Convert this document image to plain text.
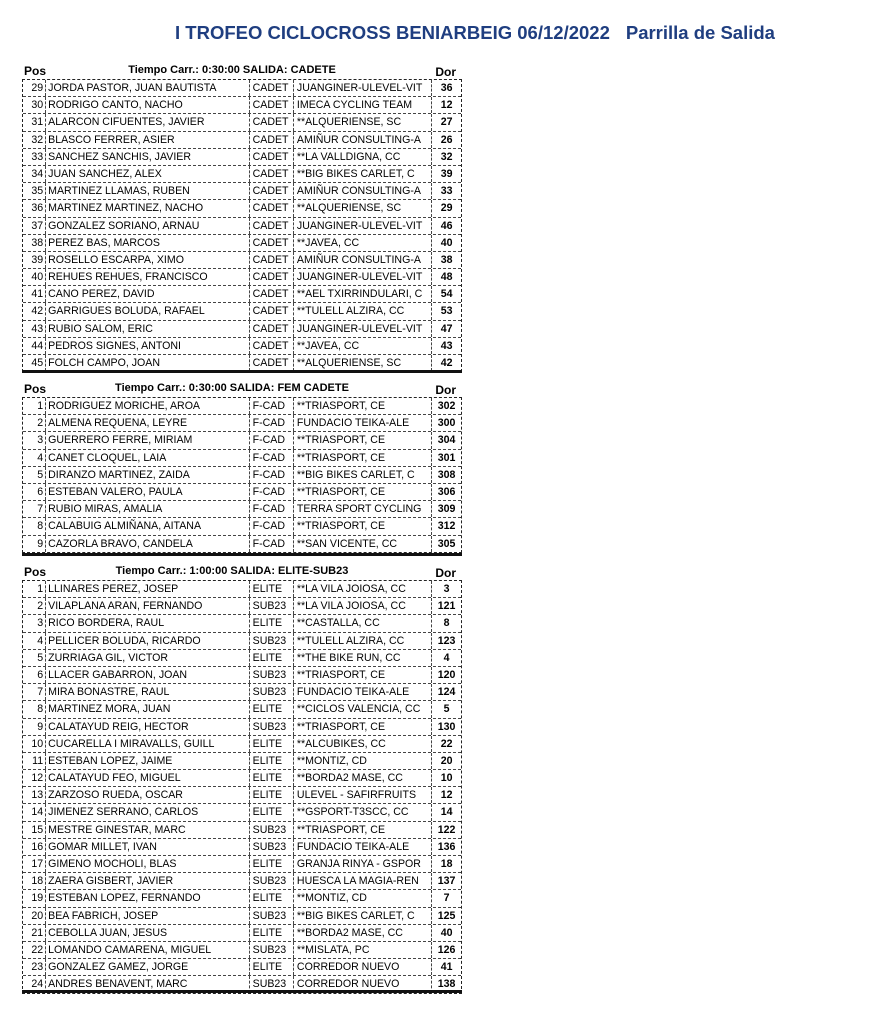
I TROFEO CICLOCROSS BENIARBEIG 06/12/2022 Parrilla de Salida
Pos	Tiempo Carr.: 0:30:00 SALIDA: CADETE	Dor
29 JORDA PASTOR, JUAN BAUTISTA	CADET JUANGINER-ULEVEL-VIT	36
30 RODRIGO CANTO, NACHO	CADET IMECA CYCLING TEAM	12
31 ALARCON CIFUENTES, JAVIER	CADET **ALQUERIENSE, SC	27
32 BLASCO FERRER, ASIER	CADET AMIÑUR CONSULTING-A	26
33 SANCHEZ SANCHIS, JAVIER	CADET **LA VALLDIGNA, CC	32
34 JUAN SANCHEZ, ALEX	CADET **BIG BIKES CARLET, C	39
35 MARTINEZ LLAMAS, RUBEN	CADET AMIÑUR CONSULTING-A	33
36 MARTINEZ MARTINEZ, NACHO	CADET **ALQUERIENSE, SC	29
37 GONZALEZ SORIANO, ARNAU	CADET JUANGINER-ULEVEL-VIT	46
38 PEREZ BAS, MARCOS	CADET **JAVEA, CC	40
39 ROSELLO ESCARPA, XIMO	CADET AMIÑUR CONSULTING-A	38
40 REHUES REHUES, FRANCISCO	CADET JUANGINER-ULEVEL-VIT	48
41 CANO PEREZ, DAVID	CADET **AEL TXIRRINDULARI, C	54
42 GARRIGUES BOLUDA, RAFAEL	CADET **TULELL ALZIRA, CC	53
43 RUBIO SALOM, ERIC	CADET JUANGINER-ULEVEL-VIT	47
44 PEDROS SIGNES, ANTONI	CADET **JAVEA, CC	43
45 FOLCH CAMPO, JOAN	CADET **ALQUERIENSE, SC	42
Pos	Tiempo Carr.: 0:30:00 SALIDA: FEM CADETE	Dor
1 RODRIGUEZ MORICHE, AROA	F-CAD	**TRIASPORT, CE	302
2 ALMENA REQUENA, LEYRE	F-CAD	FUNDACIO TEIKA-ALE	300
3 GUERRERO FERRE, MIRIAM	F-CAD	**TRIASPORT, CE	304
4 CANET CLOQUEL, LAIA	F-CAD	**TRIASPORT, CE	301
5 DIRANZO MARTINEZ, ZAIDA	F-CAD	**BIG BIKES CARLET, C	308
6 ESTEBAN VALERO, PAULA	F-CAD	**TRIASPORT, CE	306
7 RUBIO MIRAS, AMALIA	F-CAD	TERRA SPORT CYCLING	309
8 CALABUIG ALMIÑANA, AITANA	F-CAD	**TRIASPORT, CE	312
9 CAZORLA BRAVO, CANDELA	F-CAD	**SAN VICENTE, CC	305
Pos	Tiempo Carr.: 1:00:00 SALIDA: ELITE-SUB23	Dor
1 LLINARES PEREZ, JOSEP	ELITE	**LA VILA JOIOSA, CC	3
2 VILAPLANA ARAN, FERNANDO	SUB23	**LA VILA JOIOSA, CC	121
3 RICO BORDERA, RAUL	ELITE	**CASTALLA, CC	8
4 PELLICER BOLUDA, RICARDO	SUB23	**TULELL ALZIRA, CC	123
5 ZURRIAGA GIL, VICTOR	ELITE	**THE BIKE RUN, CC	4
6 LLACER GABARRON, JOAN	SUB23	**TRIASPORT, CE	120
7 MIRA BONASTRE, RAUL	SUB23	FUNDACIO TEIKA-ALE	124
8 MARTINEZ MORA, JUAN	ELITE	**CICLOS VALENCIA, CC	5
9 CALATAYUD REIG, HECTOR	SUB23	**TRIASPORT, CE	130
10 CUCARELLA I MIRAVALLS, GUILL	ELITE	**ALCUBIKES, CC	22
11 ESTEBAN LOPEZ, JAIME	ELITE	**MONTIZ, CD	20
12 CALATAYUD FEO, MIGUEL	ELITE	**BORDA2 MASE, CC	10
13 ZARZOSO RUEDA, OSCAR	ELITE	ULEVEL - SAFIRFRUITS	12
14 JIMENEZ SERRANO, CARLOS	ELITE	**GSPORT-T3SCC, CC	14
15 MESTRE GINESTAR, MARC	SUB23	**TRIASPORT, CE	122
16 GOMAR MILLET, IVAN	SUB23	FUNDACIO TEIKA-ALE	136
17 GIMENO MOCHOLI, BLAS	ELITE	GRANJA RINYA - GSPOR	18
18 ZAERA GISBERT, JAVIER	SUB23	HUESCA LA MAGIA-REN	137
19 ESTEBAN LOPEZ, FERNANDO	ELITE	**MONTIZ, CD	7
20 BEA FABRICH, JOSEP	SUB23	**BIG BIKES CARLET, C	125
21 CEBOLLA JUAN, JESUS	ELITE	**BORDA2 MASE, CC	40
22 LOMANDO CAMARENA, MIGUEL	SUB23	**MISLATA, PC	126
23 GONZALEZ GAMEZ, JORGE	ELITE	CORREDOR NUEVO	41
24 ANDRES BENAVENT, MARC	SUB23	CORREDOR NUEVO	138
